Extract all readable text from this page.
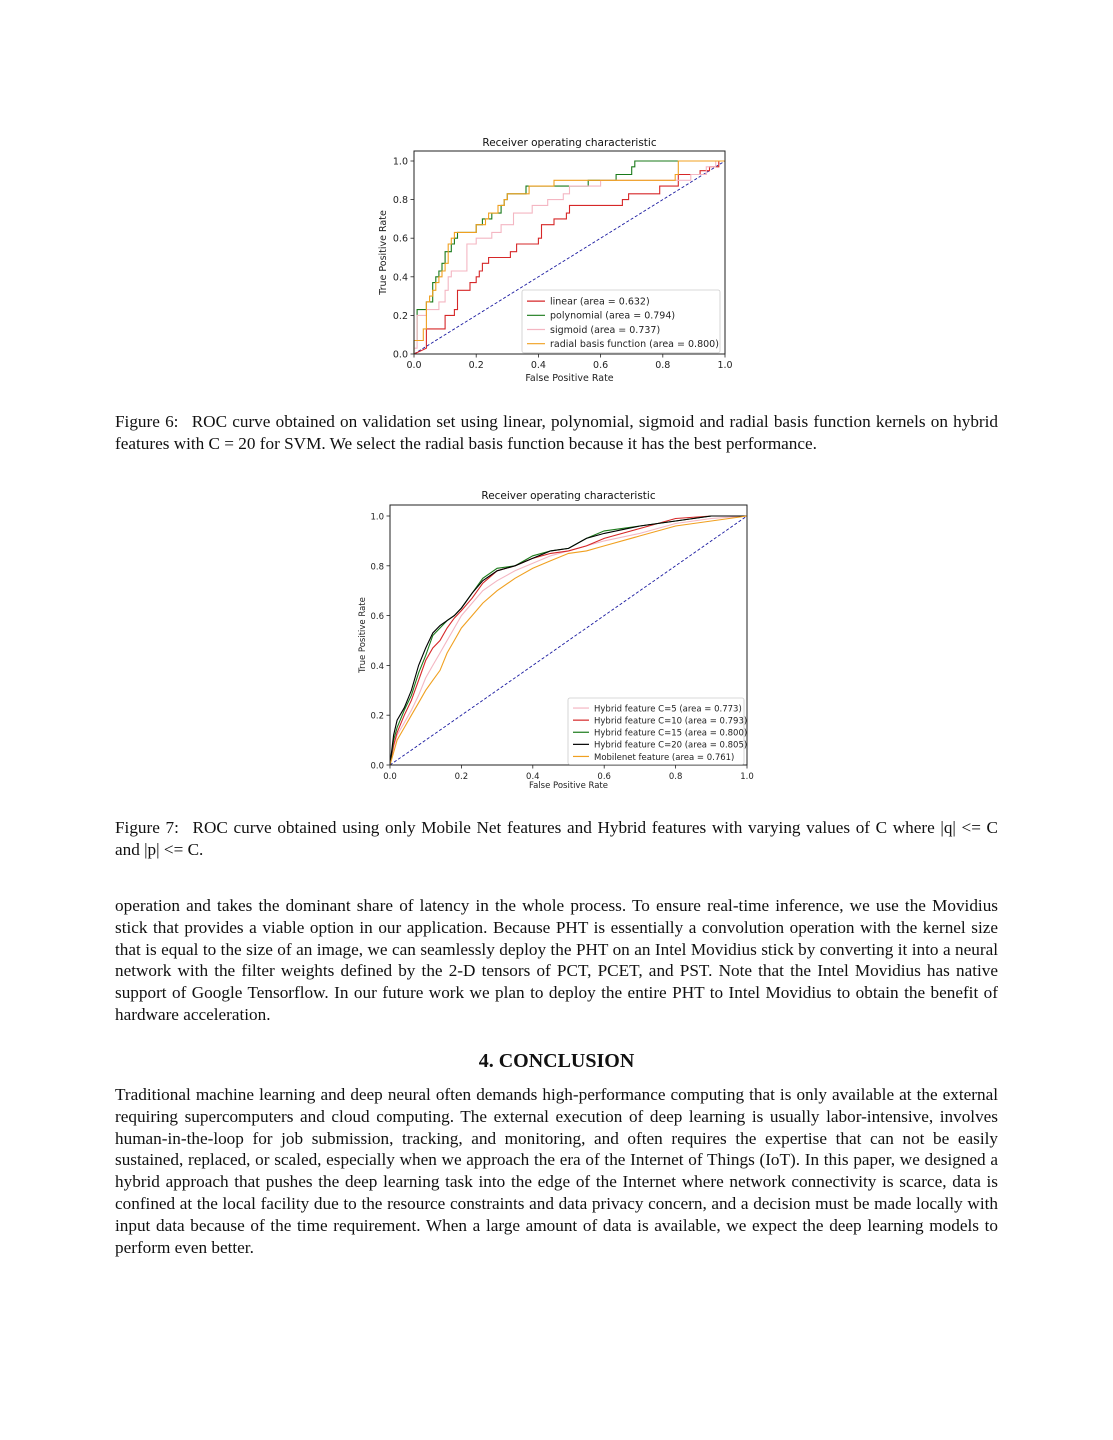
Receiver operating characteristic
0.0	0.2	0.4	0.6	0.8	1.0
0.0
0.2
0.4
0.6
0.8
1.0
False Positive Rate
True Positive Rate
linear (area = 0.632)
polynomial (area = 0.794)
sigmoid (area = 0.737)
radial basis function (area = 0.800)
Figure 6: ROC curve obtained on validation set using linear, polynomial, sigmoid and radial basis function kernels on hybrid features with C = 20 for SVM. We select the radial basis function because it has the best performance.
Receiver operating characteristic
0.0	0.2	0.4	0.6	0.8	1.0
0.0
0.2
0.4
0.6
0.8
1.0
False Positive Rate
True Positive Rate
Hybrid feature C=5 (area = 0.773)
Hybrid feature C=10 (area = 0.793)
Hybrid feature C=15 (area = 0.800)
Hybrid feature C=20 (area = 0.805)
Mobilenet feature (area = 0.761)
Figure 7: ROC curve obtained using only Mobile Net features and Hybrid features with varying values of C where |q| <= C and |p| <= C.
operation and takes the dominant share of latency in the whole process. To ensure real-time inference, we use the Movidius stick that provides a viable option in our application. Because PHT is essentially a convolution operation with the kernel size that is equal to the size of an image, we can seamlessly deploy the PHT on an Intel Movidius stick by converting it into a neural network with the filter weights defined by the 2-D tensors of PCT, PCET, and PST. Note that the Intel Movidius has native support of Google Tensorflow. In our future work we plan to deploy the entire PHT to Intel Movidius to obtain the benefit of hardware acceleration.
4. CONCLUSION
Traditional machine learning and deep neural often demands high-performance computing that is only available at the external requiring supercomputers and cloud computing. The external execution of deep learning is usually labor-intensive, involves human-in-the-loop for job submission, tracking, and monitoring, and often requires the expertise that can not be easily sustained, replaced, or scaled, especially when we approach the era of the Internet of Things (IoT). In this paper, we designed a hybrid approach that pushes the deep learning task into the edge of the Internet where network connectivity is scarce, data is confined at the local facility due to the resource constraints and data privacy concern, and a decision must be made locally with input data because of the time requirement. When a large amount of data is available, we expect the deep learning models to perform even better.
